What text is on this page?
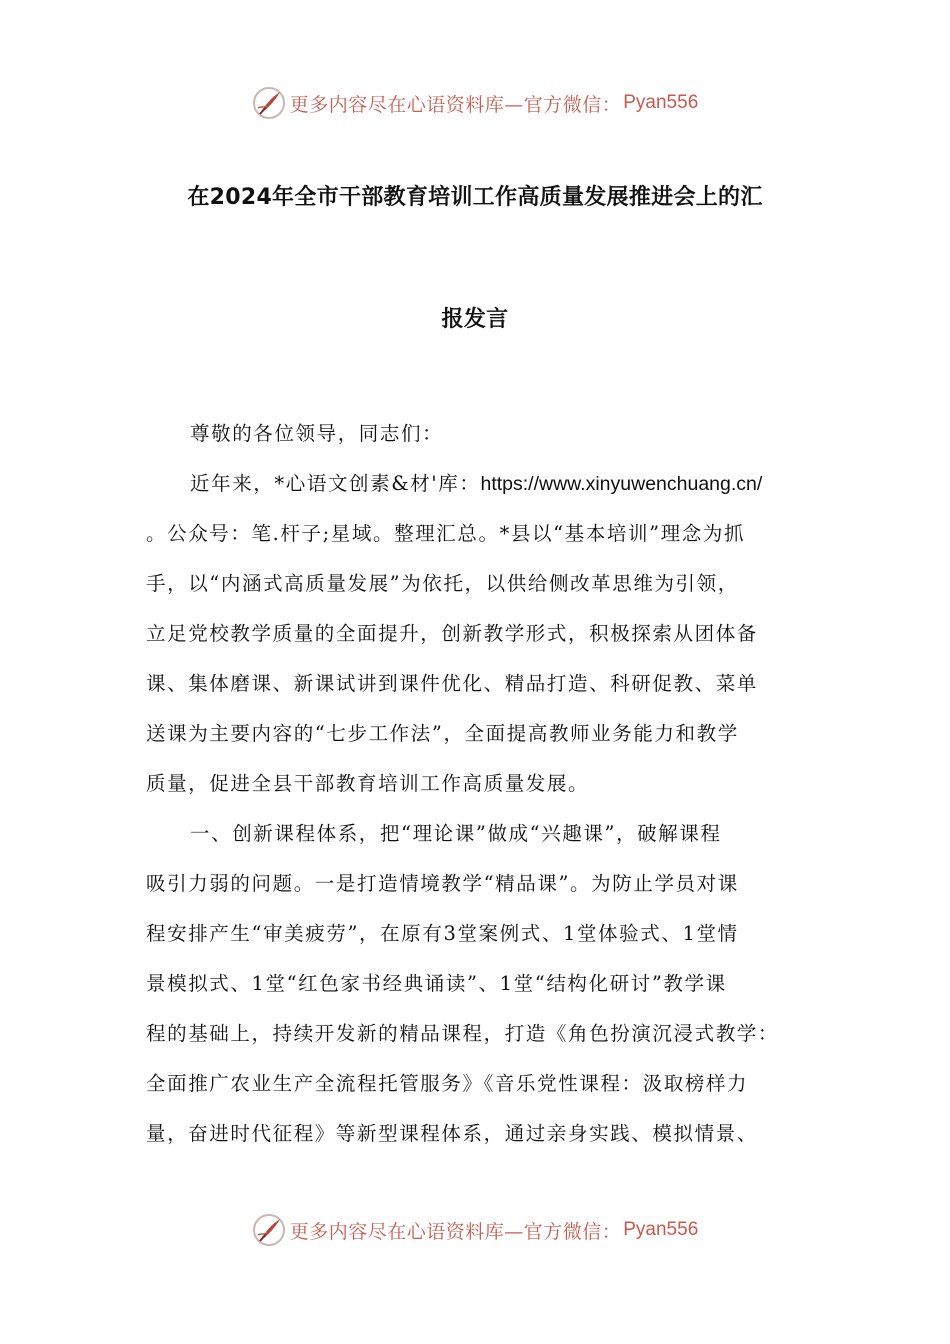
更多内容尽在心语资料库—官方微信： Pyan556
在2024年全市干部教育培训工作高质量发展推进会上的汇
报发言
尊敬的各位领导，同志们：
近年来，*心语文创素&材'库：https://www.xinyuwenchuang.cn/
。公众号：笔.杆子;星域。整理汇总。*县以“基本培训”理念为抓
手，以“内涵式高质量发展”为依托，以供给侧改革思维为引领，
立足党校教学质量的全面提升，创新教学形式，积极探索从团体备
课、集体磨课、新课试讲到课件优化、精品打造、科研促教、菜单
送课为主要内容的“七步工作法”，全面提高教师业务能力和教学
质量，促进全县干部教育培训工作高质量发展。
一、创新课程体系，把“理论课”做成“兴趣课”，破解课程
吸引力弱的问题。一是打造情境教学“精品课”。为防止学员对课
程安排产生“审美疲劳”，在原有3堂案例式、1堂体验式、1堂情
景模拟式、1堂“红色家书经典诵读”、1堂“结构化研讨”教学课
程的基础上，持续开发新的精品课程，打造《角色扮演沉浸式教学：
全面推广农业生产全流程托管服务》《音乐党性课程：汲取榜样力
量，奋进时代征程》等新型课程体系，通过亲身实践、模拟情景、
更多内容尽在心语资料库—官方微信： Pyan556
